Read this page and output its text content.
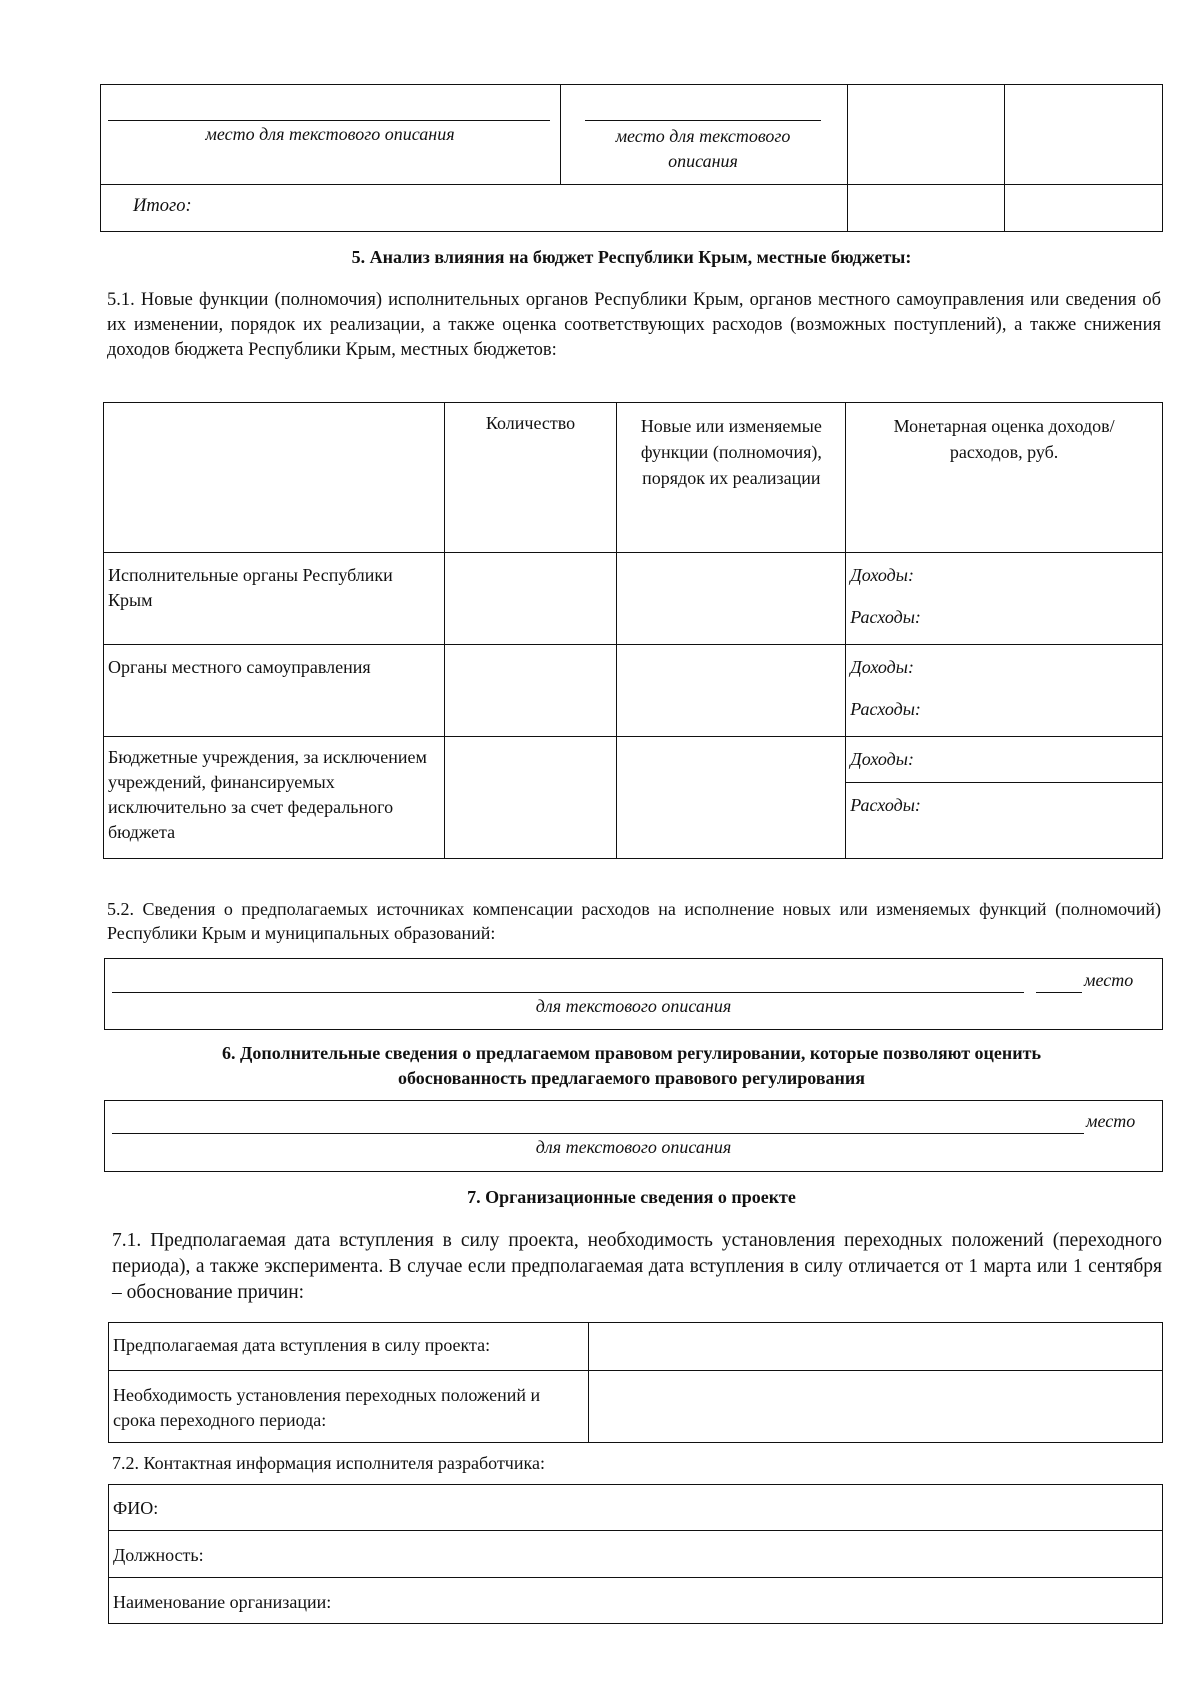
место для текстового описания	место для текстового описания
Итого:
5. Анализ влияния на бюджет Республики Крым, местные бюджеты:
5.1. Новые функции (полномочия) исполнительных органов Республики Крым, органов местного самоуправления или сведения об их изменении, порядок их реализации, а также оценка соответствующих расходов (возможных поступлений), а также снижения доходов бюджета Республики Крым, местных бюджетов:

	Количество	Новые или изменяемые функции (полномочия), порядок их реализации	Монетарная оценка доходов/расходов, руб.

Исполнительные органы Республики Крым			Доходы:

			Расходы:

Органы местного самоуправления			Доходы:

			Расходы:

Бюджетные учреждения, за исключением учреждений, финансируемых исключительно за счет федерального бюджета			Доходы:

			Расходы:
5.2. Сведения о предполагаемых источниках компенсации расходов на исполнение новых или изменяемых функций (полномочий) Республики Крым и муниципальных образований:
место
для текстового описания
6. Дополнительные сведения о предлагаемом правовом регулировании, которые позволяют оценить
обоснованность предлагаемого правового регулирования
место
для текстового описания
7. Организационные сведения о проекте
7.1. Предполагаемая дата вступления в силу проекта, необходимость установления переходных положений (переходного периода), а также эксперимента. В случае если предполагаемая дата вступления в силу отличается от 1 марта или 1 сентября – обоснование причин:
Предполагаемая дата вступления в силу проекта:	

Необходимость установления переходных положений и срока переходного периода:	

7.2. Контактная информация исполнителя разработчика:
ФИО:
Должность:
Наименование организации:
